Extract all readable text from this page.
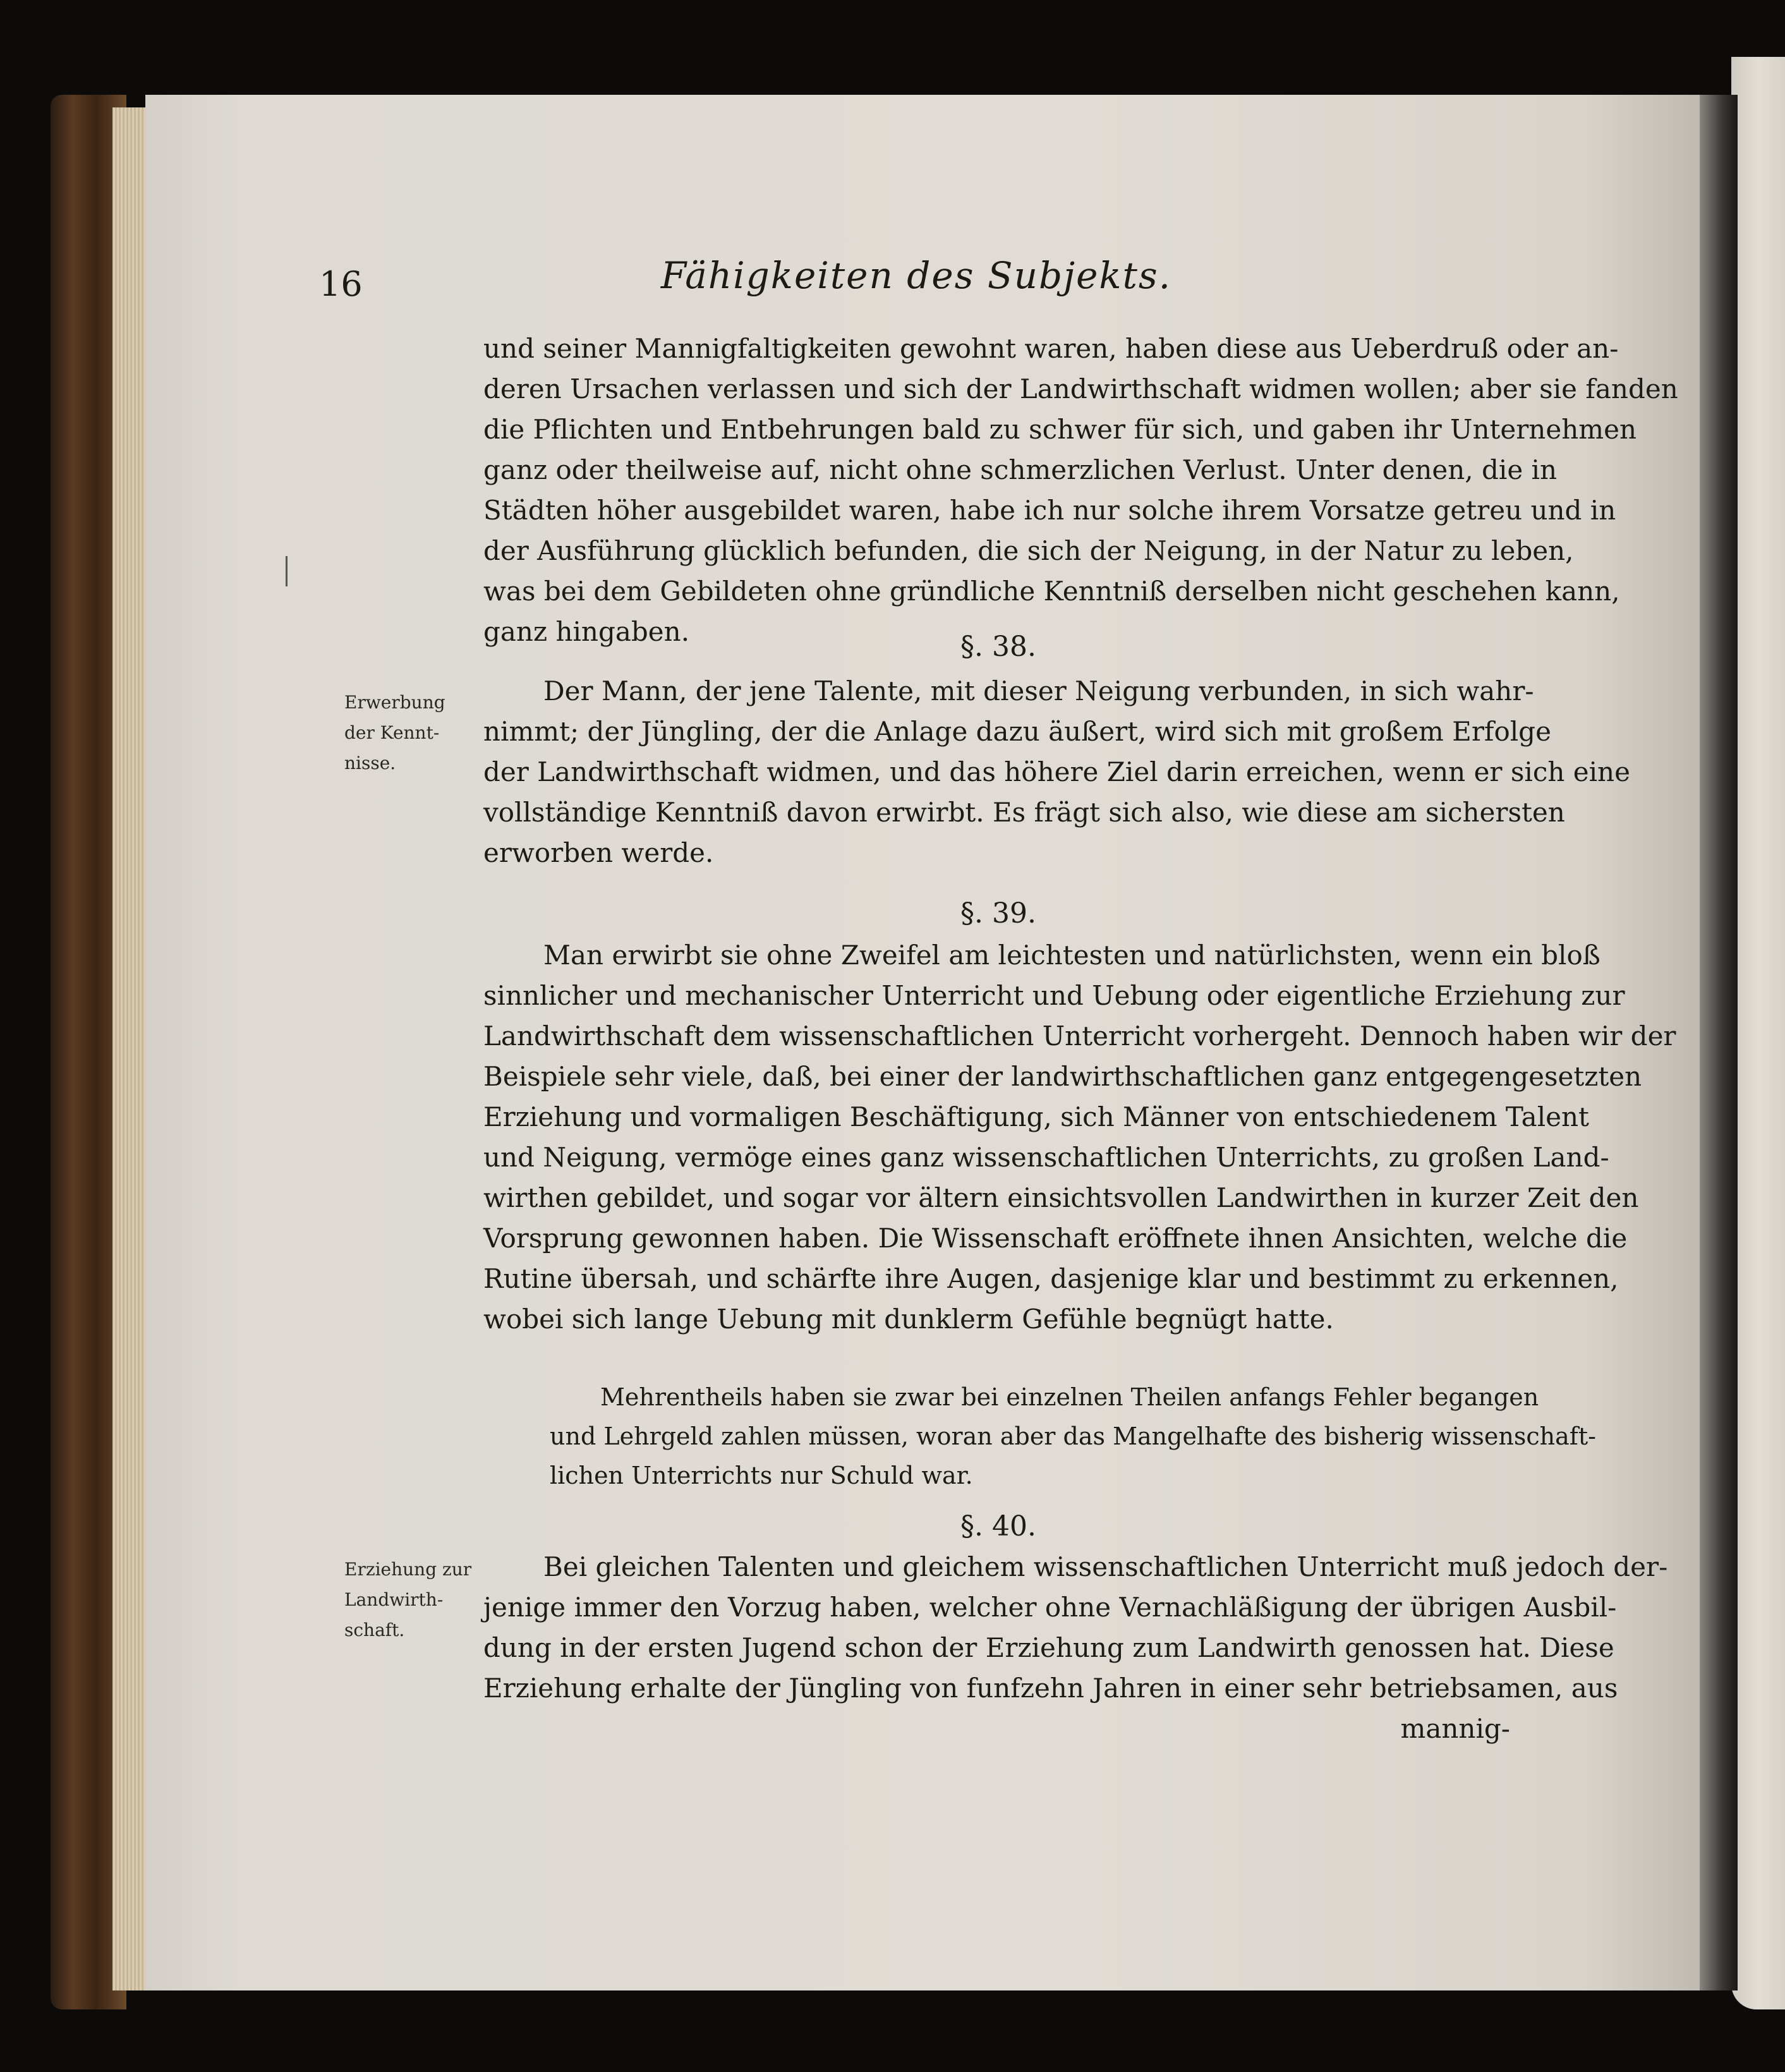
16	Fähigkeiten des Subjekts.
und seiner Mannigfaltigkeiten gewohnt waren, haben diese aus Ueberdruß oder an-
deren Ursachen verlassen und sich der Landwirthschaft widmen wollen; aber sie fanden
die Pflichten und Entbehrungen bald zu schwer für sich, und gaben ihr Unternehmen
ganz oder theilweise auf, nicht ohne schmerzlichen Verlust. Unter denen, die in
Städten höher ausgebildet waren, habe ich nur solche ihrem Vorsatze getreu und in
der Ausführung glücklich befunden, die sich der Neigung, in der Natur zu leben,
was bei dem Gebildeten ohne gründliche Kenntniß derselben nicht geschehen kann,
ganz hingaben.	§. 38.
Erwerbung
der Kennt-
nisse.
Der Mann, der jene Talente, mit dieser Neigung verbunden, in sich wahr-
nimmt; der Jüngling, der die Anlage dazu äußert, wird sich mit großem Erfolge
der Landwirthschaft widmen, und das höhere Ziel darin erreichen, wenn er sich eine
vollständige Kenntniß davon erwirbt. Es frägt sich also, wie diese am sichersten
erworben werde.
§. 39.
Man erwirbt sie ohne Zweifel am leichtesten und natürlichsten, wenn ein bloß
sinnlicher und mechanischer Unterricht und Uebung oder eigentliche Erziehung zur
Landwirthschaft dem wissenschaftlichen Unterricht vorhergeht. Dennoch haben wir der
Beispiele sehr viele, daß, bei einer der landwirthschaftlichen ganz entgegengesetzten
Erziehung und vormaligen Beschäftigung, sich Männer von entschiedenem Talent
und Neigung, vermöge eines ganz wissenschaftlichen Unterrichts, zu großen Land-
wirthen gebildet, und sogar vor ältern einsichtsvollen Landwirthen in kurzer Zeit den
Vorsprung gewonnen haben. Die Wissenschaft eröffnete ihnen Ansichten, welche die
Rutine übersah, und schärfte ihre Augen, dasjenige klar und bestimmt zu erkennen,
wobei sich lange Uebung mit dunklerm Gefühle begnügt hatte.
Mehrentheils haben sie zwar bei einzelnen Theilen anfangs Fehler begangen
und Lehrgeld zahlen müssen, woran aber das Mangelhafte des bisherig wissenschaft-
lichen Unterrichts nur Schuld war.
§. 40.
Erziehung zur
Landwirth-
schaft.
Bei gleichen Talenten und gleichem wissenschaftlichen Unterricht muß jedoch der-
jenige immer den Vorzug haben, welcher ohne Vernachläßigung der übrigen Ausbil-
dung in der ersten Jugend schon der Erziehung zum Landwirth genossen hat. Diese
Erziehung erhalte der Jüngling von funfzehn Jahren in einer sehr betriebsamen, aus
mannig-
